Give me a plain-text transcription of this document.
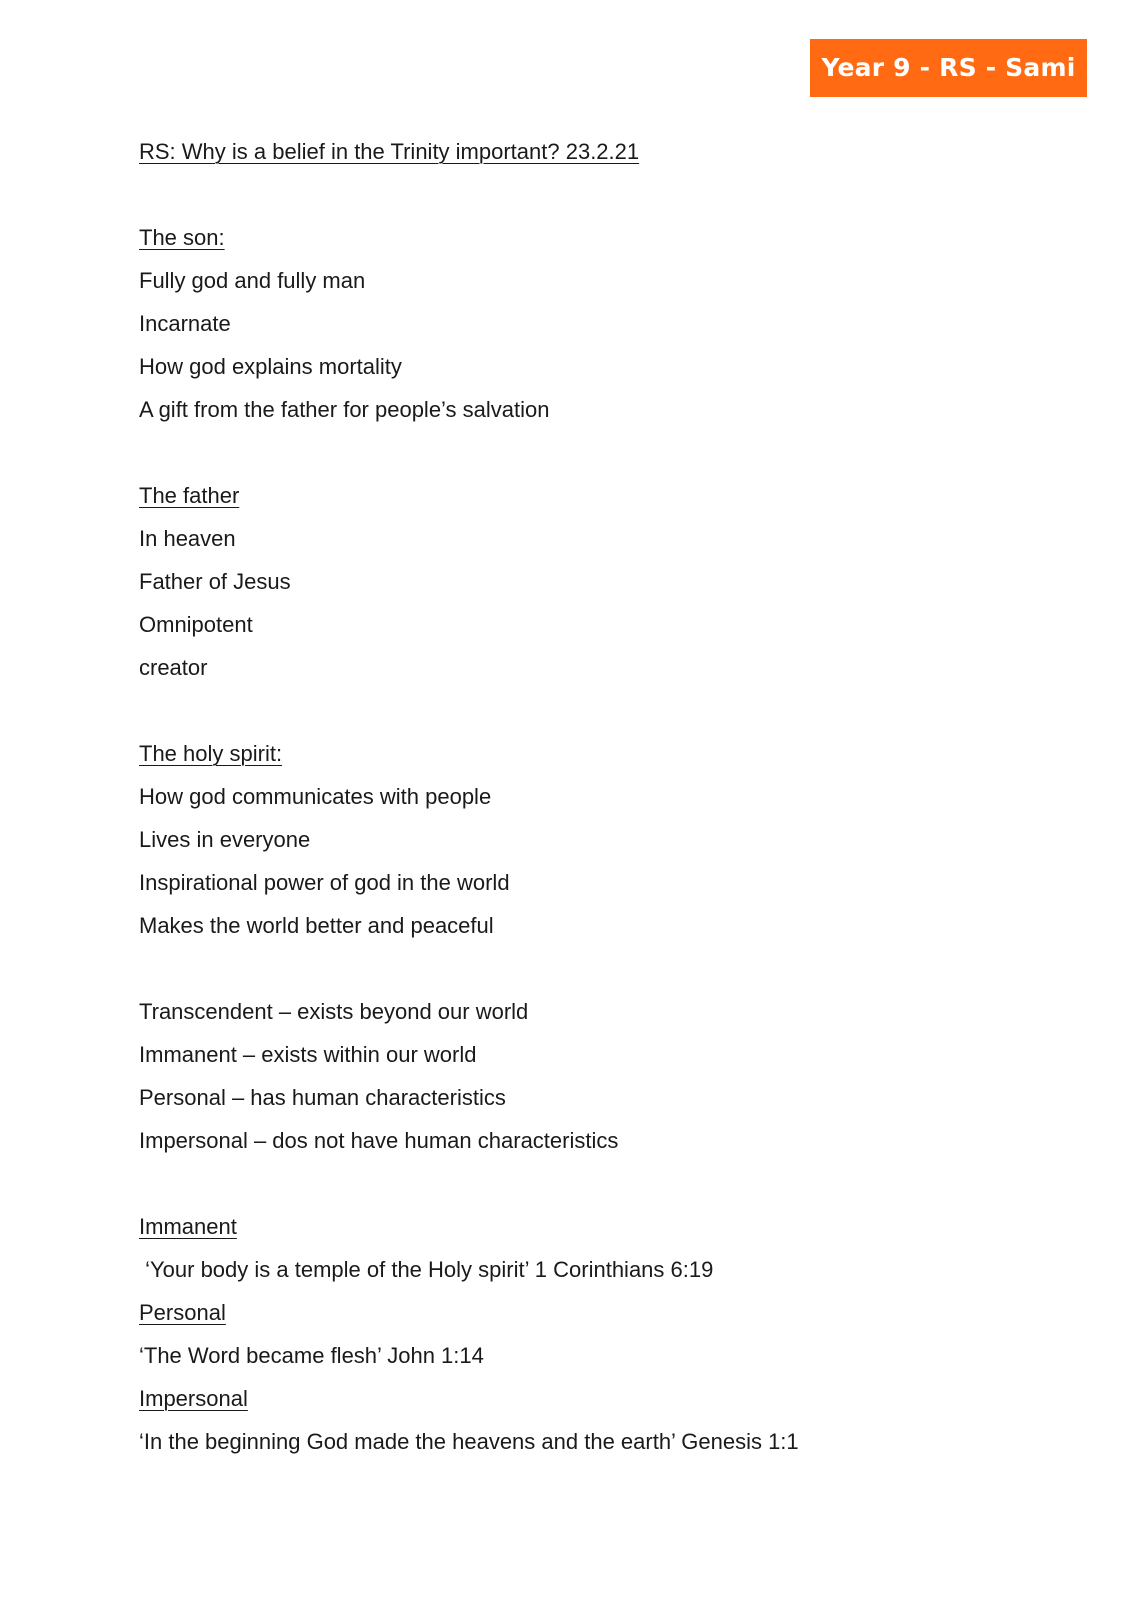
Year 9 - RS - Sami
RS: Why is a belief in the Trinity important? 23.2.21
The son:
Fully god and fully man
Incarnate
How god explains mortality
A gift from the father for people’s salvation
The father
In heaven
Father of Jesus
Omnipotent
creator
The holy spirit:
How god communicates with people
Lives in everyone
Inspirational power of god in the world
Makes the world better and peaceful
Transcendent – exists beyond our world
Immanent – exists within our world
Personal – has human characteristics
Impersonal – dos not have human characteristics
Immanent
‘Your body is a temple of the Holy spirit’ 1 Corinthians 6:19
Personal
‘The Word became flesh’ John 1:14
Impersonal
‘In the beginning God made the heavens and the earth’ Genesis 1:1
